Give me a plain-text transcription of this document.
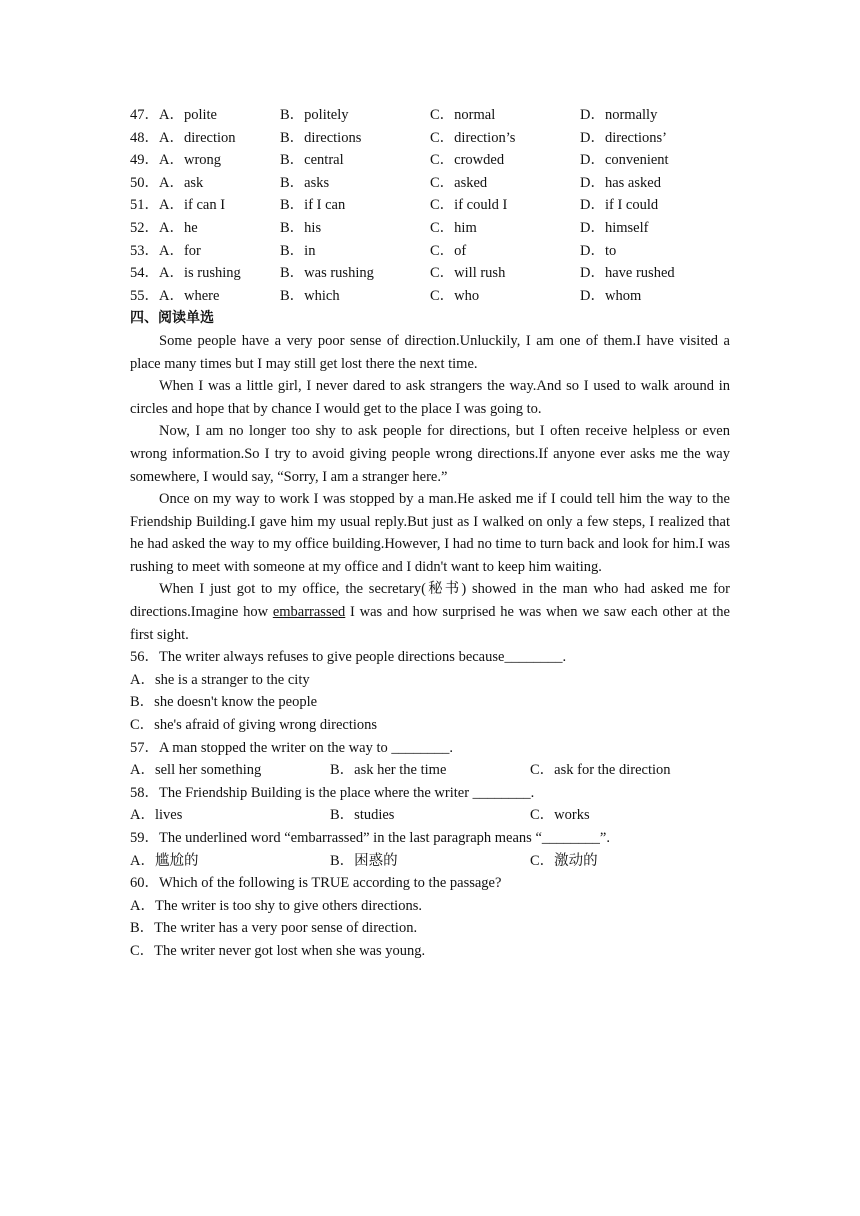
47．A．polite	B．politely	C．normal	D．normally
48．A．direction	B．directions	C．direction’s	D．directions’
49．A．wrong	B．central	C．crowded	D．convenient
50．A．ask	B．asks	C．asked	D．has asked
51．A．if can I	B．if I can	C．if could I	D．if I could
52．A．he	B．his	C．him	D．himself
53．A．for	B．in	C．of	D．to
54．A．is rushing	B．was rushing	C．will rush	D．have rushed
55．A．where	B．which	C．who	D．whom
四、阅读单选
Some people have a very poor sense of direction.Unluckily, I am one of them.I have visited a place many times but I may still get lost there the next time.
When I was a little girl, I never dared to ask strangers the way.And so I used to walk around in circles and hope that by chance I would get to the place I was going to.
Now, I am no longer too shy to ask people for directions, but I often receive helpless or even wrong information.So I try to avoid giving people wrong directions.If anyone ever asks me the way somewhere, I would say, “Sorry, I am a stranger here.”
Once on my way to work I was stopped by a man.He asked me if I could tell him the way to the Friendship Building.I gave him my usual reply.But just as I walked on only a few steps, I realized that he had asked the way to my office building.However, I had no time to turn back and look for him.I was rushing to meet with someone at my office and I didn't want to keep him waiting.
When I just got to my office, the secretary(秘书) showed in the man who had asked me for directions.Imagine how embarrassed I was and how surprised he was when we saw each other at the first sight.
56．The writer always refuses to give people directions because________.
A．she is a stranger to the city
B．she doesn't know the people
C．she's afraid of giving wrong directions
57．A man stopped the writer on the way to ________.
A．sell her something	B．ask her the time	C．ask for the direction
58．The Friendship Building is the place where the writer ________.
A．lives	B．studies	C．works
59．The underlined word “embarrassed” in the last paragraph means “________”.
A．尴尬的	B．困惑的	C．激动的
60．Which of the following is TRUE according to the passage?
A．The writer is too shy to give others directions.
B．The writer has a very poor sense of direction.
C．The writer never got lost when she was young.
